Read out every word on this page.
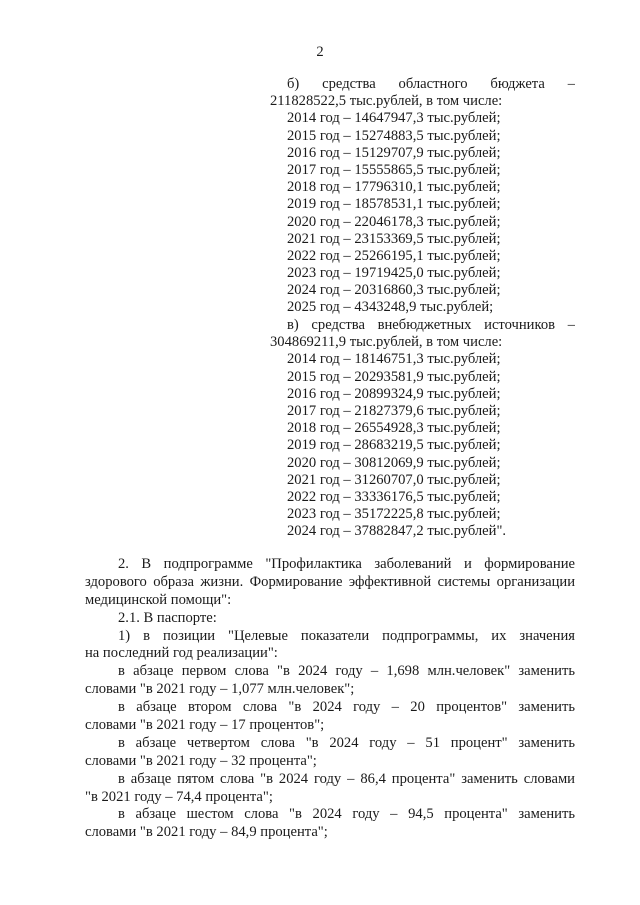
2
б) средства областного бюджета –
211828522,5 тыс.рублей, в том числе:
2014 год – 14647947,3 тыс.рублей;
2015 год – 15274883,5 тыс.рублей;
2016 год – 15129707,9 тыс.рублей;
2017 год – 15555865,5 тыс.рублей;
2018 год – 17796310,1 тыс.рублей;
2019 год – 18578531,1 тыс.рублей;
2020 год – 22046178,3 тыс.рублей;
2021 год – 23153369,5 тыс.рублей;
2022 год – 25266195,1 тыс.рублей;
2023 год – 19719425,0 тыс.рублей;
2024 год – 20316860,3 тыс.рублей;
2025 год – 4343248,9 тыс.рублей;
в) средства внебюджетных источников –
304869211,9 тыс.рублей, в том числе:
2014 год – 18146751,3 тыс.рублей;
2015 год – 20293581,9 тыс.рублей;
2016 год – 20899324,9 тыс.рублей;
2017 год – 21827379,6 тыс.рублей;
2018 год – 26554928,3 тыс.рублей;
2019 год – 28683219,5 тыс.рублей;
2020 год – 30812069,9 тыс.рублей;
2021 год – 31260707,0 тыс.рублей;
2022 год – 33336176,5 тыс.рублей;
2023 год – 35172225,8 тыс.рублей;
2024 год – 37882847,2 тыс.рублей".
2. В подпрограмме "Профилактика заболеваний и формирование
здорового образа жизни. Формирование эффективной системы организации
медицинской помощи":
2.1. В паспорте:
1) в позиции "Целевые показатели подпрограммы, их значения
на последний год реализации":
в абзаце первом слова "в 2024 году – 1,698 млн.человек" заменить
словами "в 2021 году – 1,077 млн.человек";
в абзаце втором слова "в 2024 году – 20 процентов" заменить
словами "в 2021 году – 17 процентов";
в абзаце четвертом слова "в 2024 году – 51 процент" заменить
словами "в 2021 году – 32 процента";
в абзаце пятом слова "в 2024 году – 86,4 процента" заменить словами
"в 2021 году – 74,4 процента";
в абзаце шестом слова "в 2024 году – 94,5 процента" заменить
словами "в 2021 году – 84,9 процента";
